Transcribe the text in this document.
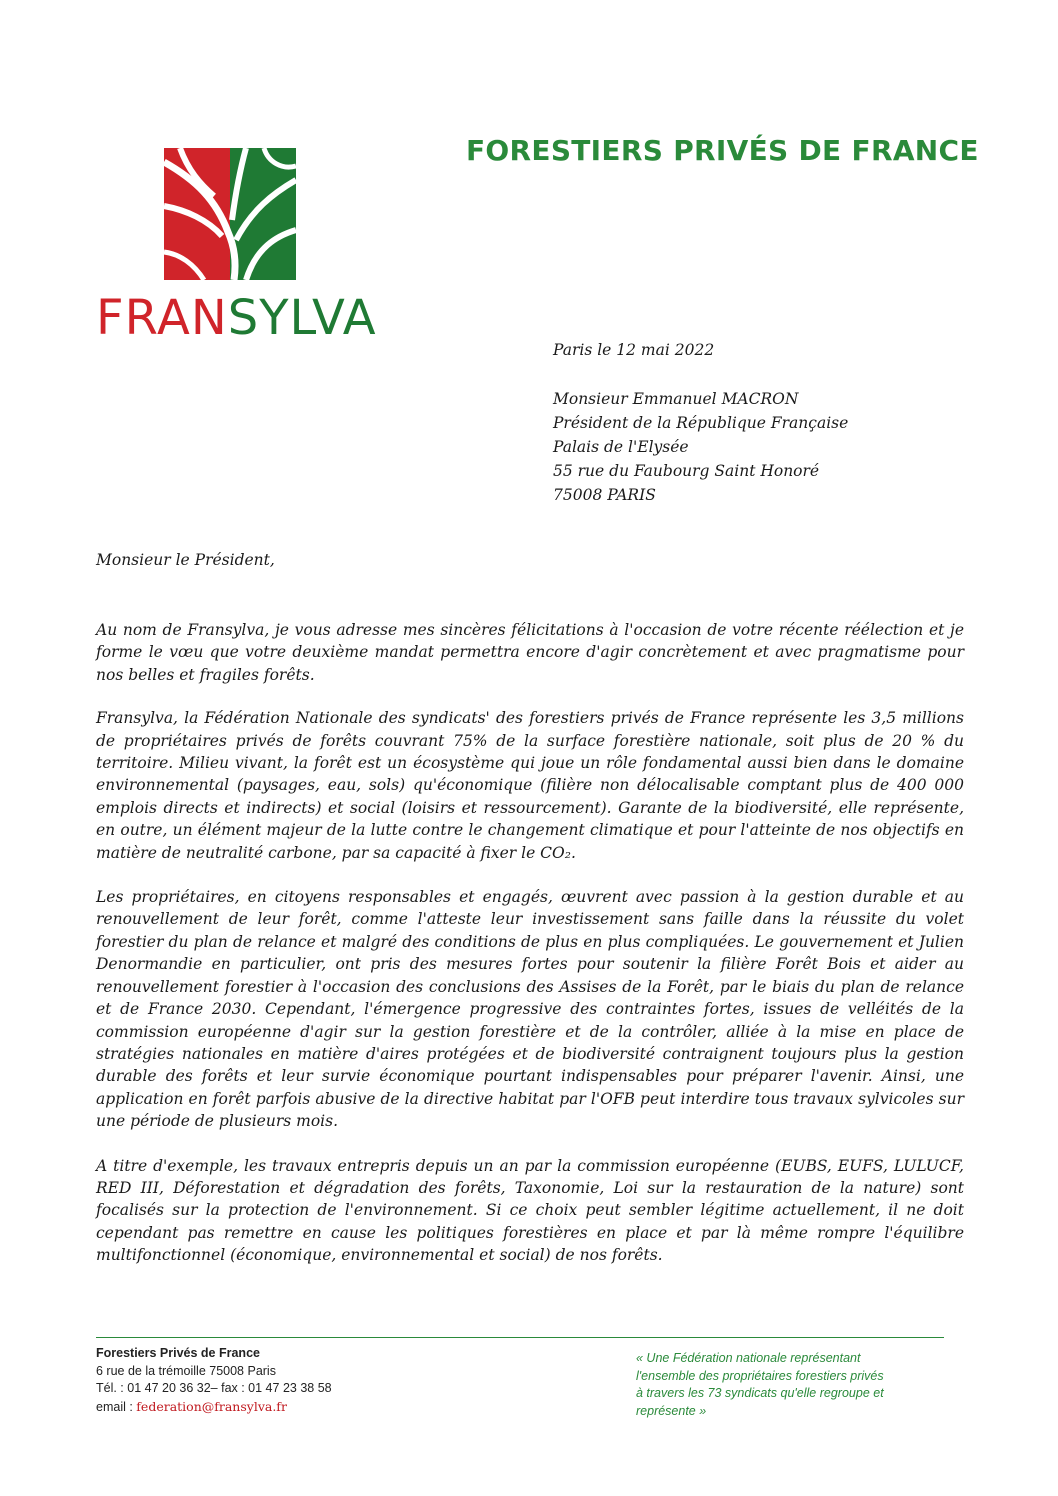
FRANSYLVA
FORESTIERS PRIVÉS DE FRANCE
Paris le 12 mai 2022
Monsieur Emmanuel MACRON
Président de la République Française
Palais de l'Elysée
55 rue du Faubourg Saint Honoré
75008 PARIS
Monsieur le Président,

Au nom de Fransylva, je vous adresse mes sincères félicitations à l'occasion de votre récente réélection et je forme le vœu que votre deuxième mandat permettra encore d'agir concrètement et avec pragmatisme pour nos belles et fragiles forêts.

Fransylva, la Fédération Nationale des syndicats' des forestiers privés de France représente les 3,5 millions de propriétaires privés de forêts couvrant 75% de la surface forestière nationale, soit plus de 20 % du territoire. Milieu vivant, la forêt est un écosystème qui joue un rôle fondamental aussi bien dans le domaine environnemental (paysages, eau, sols) qu'économique (filière non délocalisable comptant plus de 400 000 emplois directs et indirects) et social (loisirs et ressourcement). Garante de la biodiversité, elle représente, en outre, un élément majeur de la lutte contre le changement climatique et pour l'atteinte de nos objectifs en matière de neutralité carbone, par sa capacité à fixer le CO₂.

Les propriétaires, en citoyens responsables et engagés, œuvrent avec passion à la gestion durable et au renouvellement de leur forêt, comme l'atteste leur investissement sans faille dans la réussite du volet forestier du plan de relance et malgré des conditions de plus en plus compliquées. Le gouvernement et Julien Denormandie en particulier, ont pris des mesures fortes pour soutenir la filière Forêt Bois et aider au renouvellement forestier à l'occasion des conclusions des Assises de la Forêt, par le biais du plan de relance et de France 2030. Cependant, l'émergence progressive des contraintes fortes, issues de velléités de la commission européenne d'agir sur la gestion forestière et de la contrôler, alliée à la mise en place de stratégies nationales en matière d'aires protégées et de biodiversité contraignent toujours plus la gestion durable des forêts et leur survie économique pourtant indispensables pour préparer l'avenir. Ainsi, une application en forêt parfois abusive de la directive habitat par l'OFB peut interdire tous travaux sylvicoles sur une période de plusieurs mois.

A titre d'exemple, les travaux entrepris depuis un an par la commission européenne (EUBS, EUFS, LULUCF, RED III, Déforestation et dégradation des forêts, Taxonomie, Loi sur la restauration de la nature) sont focalisés sur la protection de l'environnement. Si ce choix peut sembler légitime actuellement, il ne doit cependant pas remettre en cause les politiques forestières en place et par là même rompre l'équilibre multifonctionnel (économique, environnemental et social) de nos forêts.

Forestiers Privés de France
6 rue de la trémoille 75008 Paris
Tél. : 01 47 20 36 32– fax : 01 47 23 38 58
email : federation@fransylva.fr
« Une Fédération nationale représentant
l'ensemble des propriétaires forestiers privés
à travers les 73 syndicats qu'elle regroupe et
représente »
